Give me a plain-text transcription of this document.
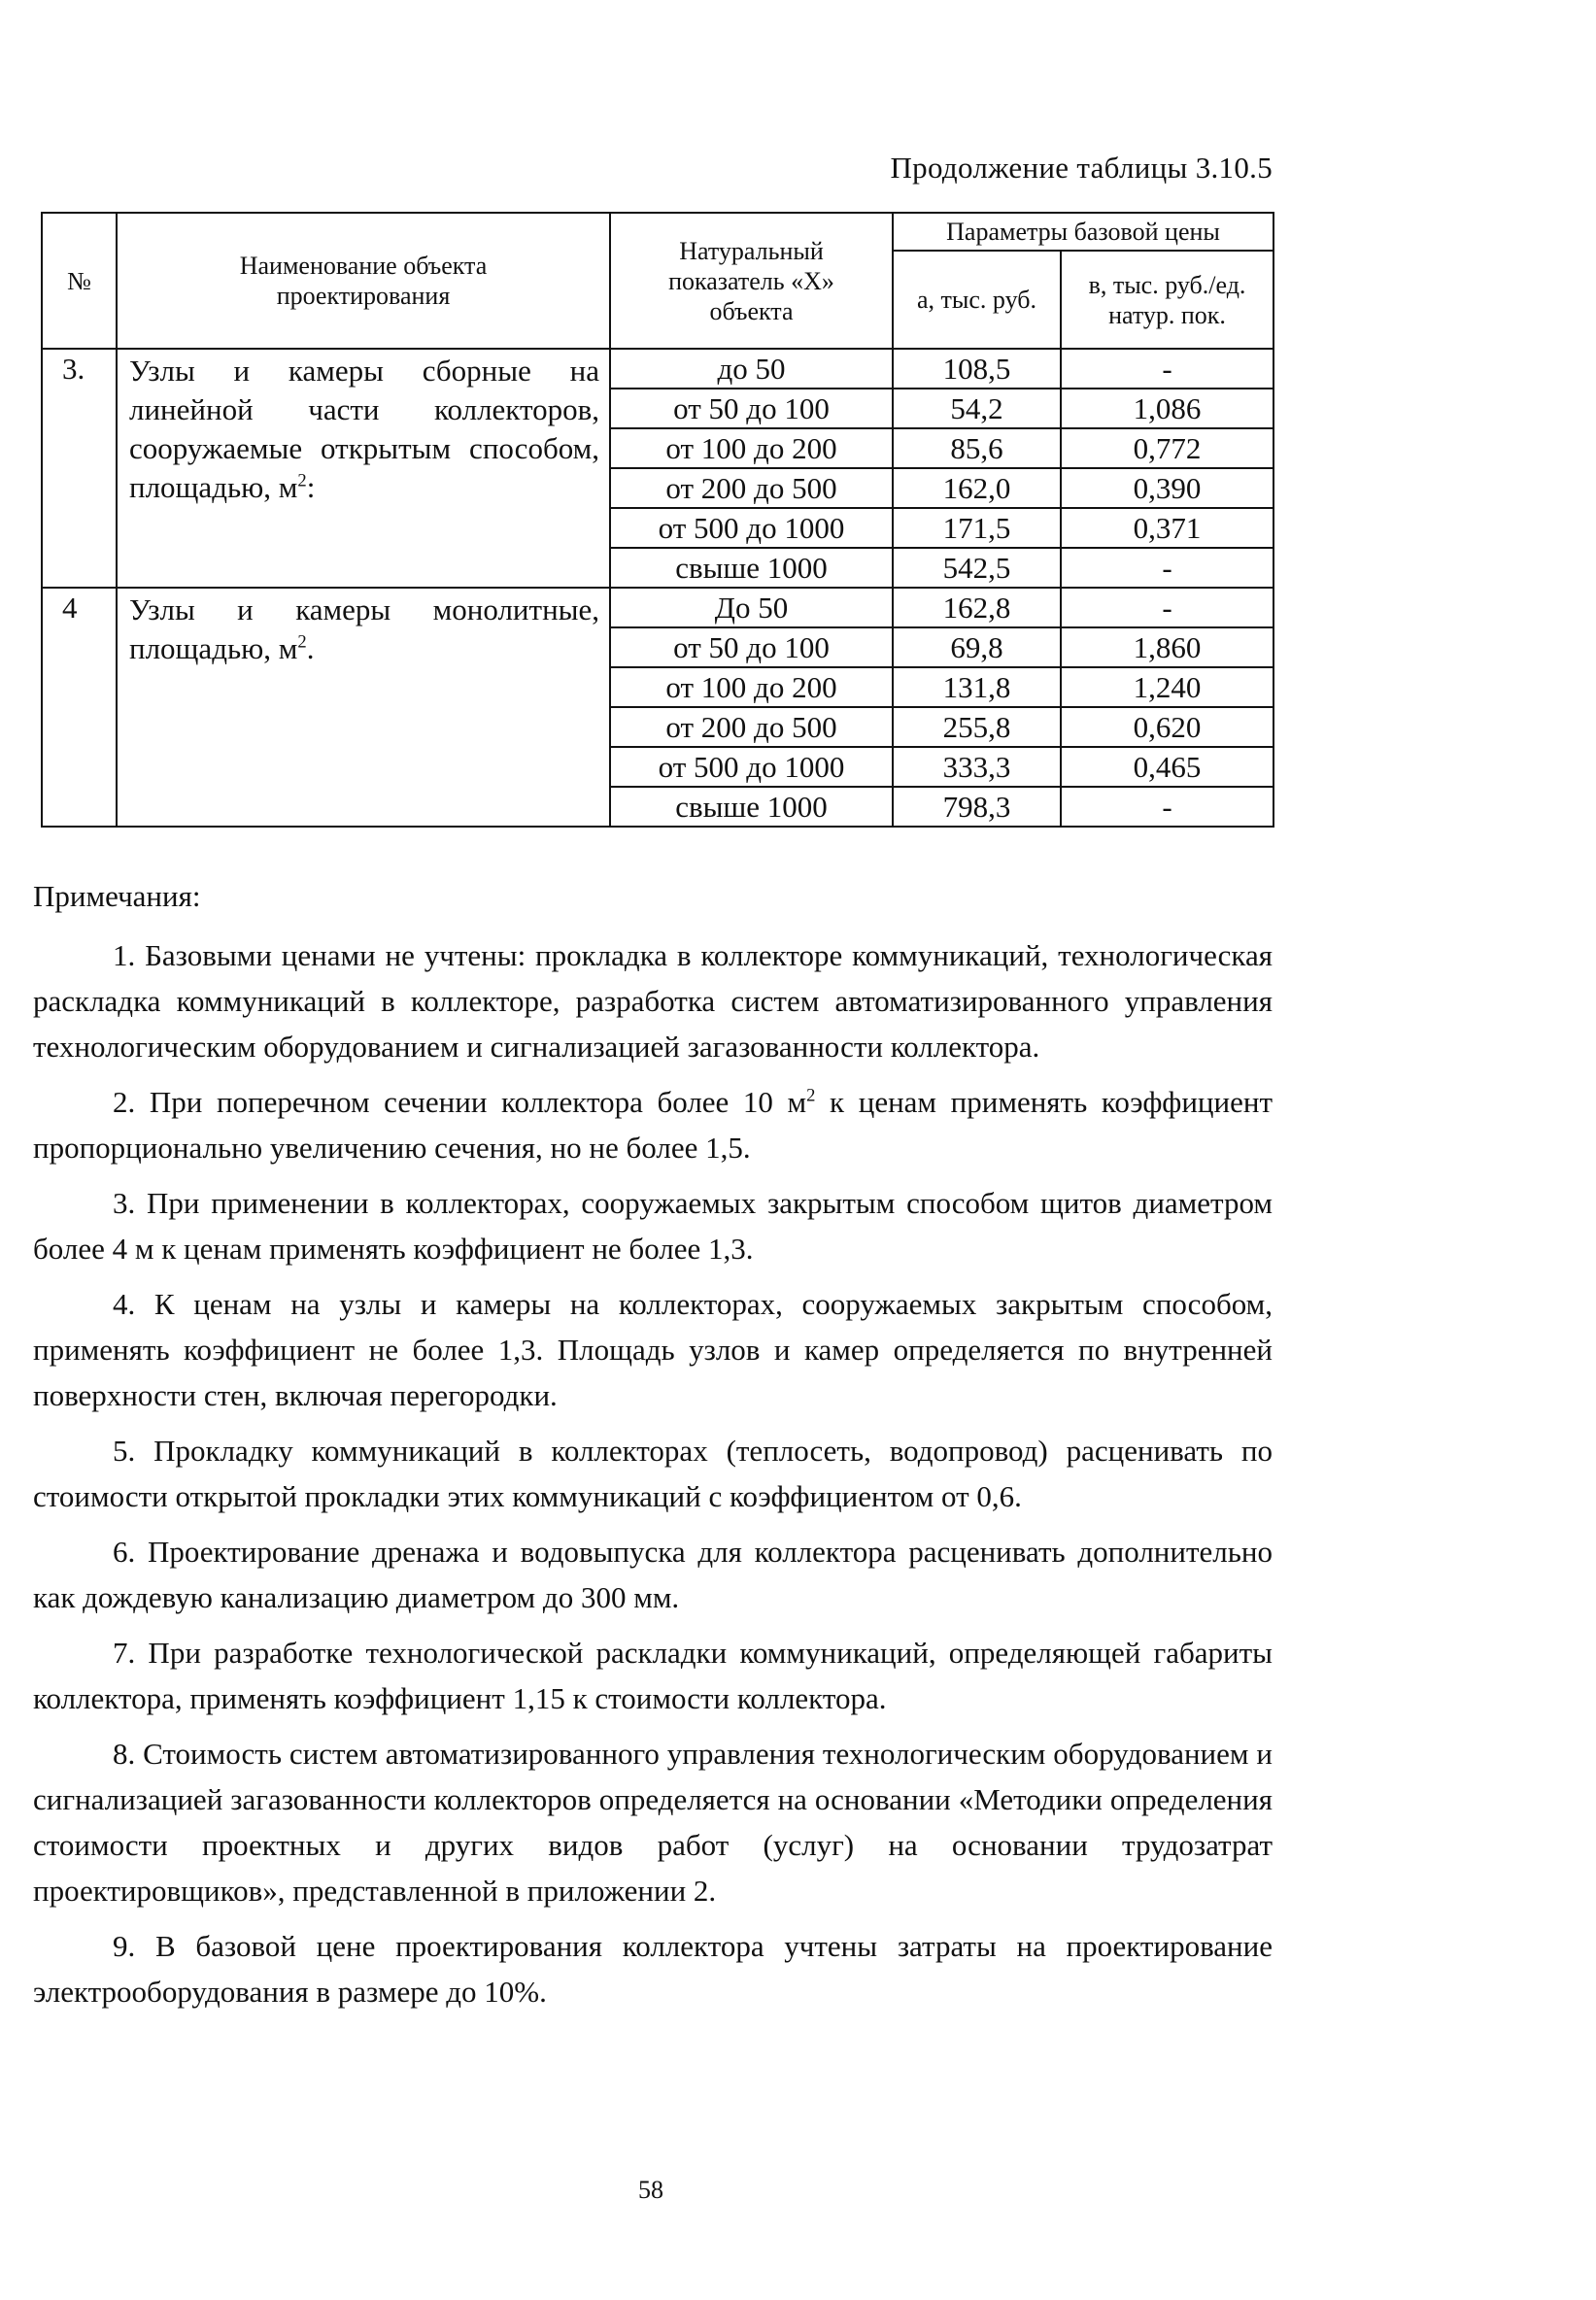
Продолжение таблицы 3.10.5
№	Наименование объекта проектирования	Натуральный показатель «Х» объекта	Параметры базовой цены	
			а, тыс. руб.	в, тыс. руб./ед. натур. пок.
3.	Узлы и камеры сборные на линейной части коллекторов, сооружаемые открытым способом, площадью, $м^2$:	до 50	108,5	-
		от 50 до 100	54,2	1,086
		от 100 до 200	85,6	0,772
		от 200 до 500	162,0	0,390
		от 500 до 1000	171,5	0,371
		свыше 1000	542,5	-
4	Узлы и камеры монолитные, площадью, $м^2$.	До 50	162,8	-
		от 50 до 100	69,8	1,860
		от 100 до 200	131,8	1,240
		от 200 до 500	255,8	0,620
		от 500 до 1000	333,3	0,465
		свыше 1000	798,3	-
Примечания:
1. Базовыми ценами не учтены: прокладка в коллекторе коммуникаций, технологическая раскладка коммуникаций в коллекторе, разработка систем автоматизированного управления технологическим оборудованием и сигнализацией загазованности коллектора.
2. При поперечном сечении коллектора более 10 $м^2$ к ценам применять коэффициент пропорционально увеличению сечения, но не более 1,5.
3. При применении в коллекторах, сооружаемых закрытым способом щитов диаметром более 4 м к ценам применять коэффициент не более 1,3.
4. К ценам на узлы и камеры на коллекторах, сооружаемых закрытым способом, применять коэффициент не более 1,3. Площадь узлов и камер определяется по внутренней поверхности стен, включая перегородки.
5. Прокладку коммуникаций в коллекторах (теплосеть, водопровод) расценивать по стоимости открытой прокладки этих коммуникаций с коэффициентом от 0,6.
6. Проектирование дренажа и водовыпуска для коллектора расценивать дополнительно как дождевую канализацию диаметром до 300 мм.
7. При разработке технологической раскладки коммуникаций, определяющей габариты коллектора, применять коэффициент 1,15 к стоимости коллектора.
8. Стоимость систем автоматизированного управления технологическим оборудованием и сигнализацией загазованности коллекторов определяется на основании «Методики определения стоимости проектных и других видов работ (услуг) на основании трудозатрат проектировщиков», представленной в приложении 2.
9. В базовой цене проектирования коллектора учтены затраты на проектирование электрооборудования в размере до 10%.
58
